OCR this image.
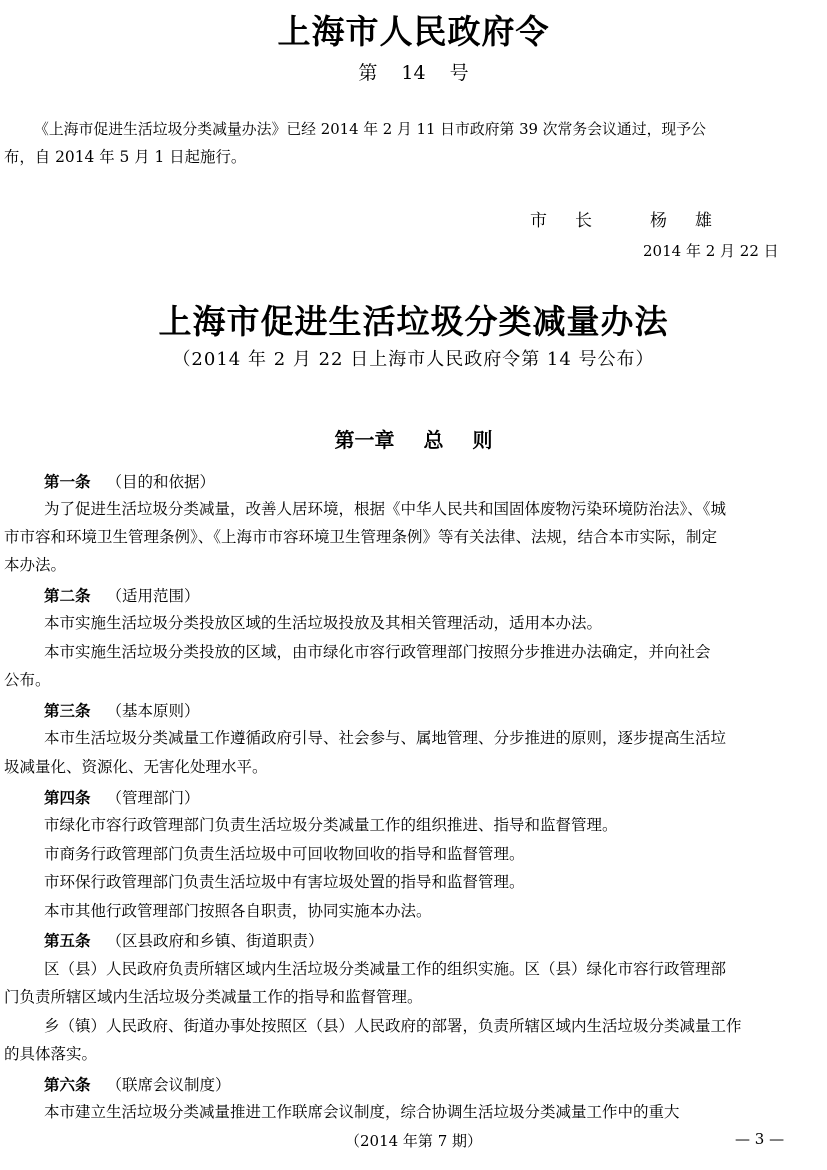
上海市人民政府令
第 14 号
《上海市促进生活垃圾分类减量办法》已经 2014 年 2 月 11 日市政府第 39 次常务会议通过，现予公
布，自 2014 年 5 月 1 日起施行。
市长 杨雄
2014 年 2 月 22 日
上海市促进生活垃圾分类减量办法
（2014 年 2 月 22 日上海市人民政府令第 14 号公布）
第一章 总 则
第一条 （目的和依据）
为了促进生活垃圾分类减量，改善人居环境，根据《中华人民共和国固体废物污染环境防治法》、《城
市市容和环境卫生管理条例》、《上海市市容环境卫生管理条例》等有关法律、法规，结合本市实际，制定
本办法。
第二条 （适用范围）
本市实施生活垃圾分类投放区域的生活垃圾投放及其相关管理活动，适用本办法。
本市实施生活垃圾分类投放的区域，由市绿化市容行政管理部门按照分步推进办法确定，并向社会
公布。
第三条 （基本原则）
本市生活垃圾分类减量工作遵循政府引导、社会参与、属地管理、分步推进的原则，逐步提高生活垃
圾减量化、资源化、无害化处理水平。
第四条 （管理部门）
市绿化市容行政管理部门负责生活垃圾分类减量工作的组织推进、指导和监督管理。
市商务行政管理部门负责生活垃圾中可回收物回收的指导和监督管理。
市环保行政管理部门负责生活垃圾中有害垃圾处置的指导和监督管理。
本市其他行政管理部门按照各自职责，协同实施本办法。
第五条 （区县政府和乡镇、街道职责）
区（县）人民政府负责所辖区域内生活垃圾分类减量工作的组织实施。区（县）绿化市容行政管理部
门负责所辖区域内生活垃圾分类减量工作的指导和监督管理。
乡（镇）人民政府、街道办事处按照区（县）人民政府的部署，负责所辖区域内生活垃圾分类减量工作
的具体落实。
第六条 （联席会议制度）
本市建立生活垃圾分类减量推进工作联席会议制度，综合协调生活垃圾分类减量工作中的重大
（2014 年第 7 期）	— 3 —
